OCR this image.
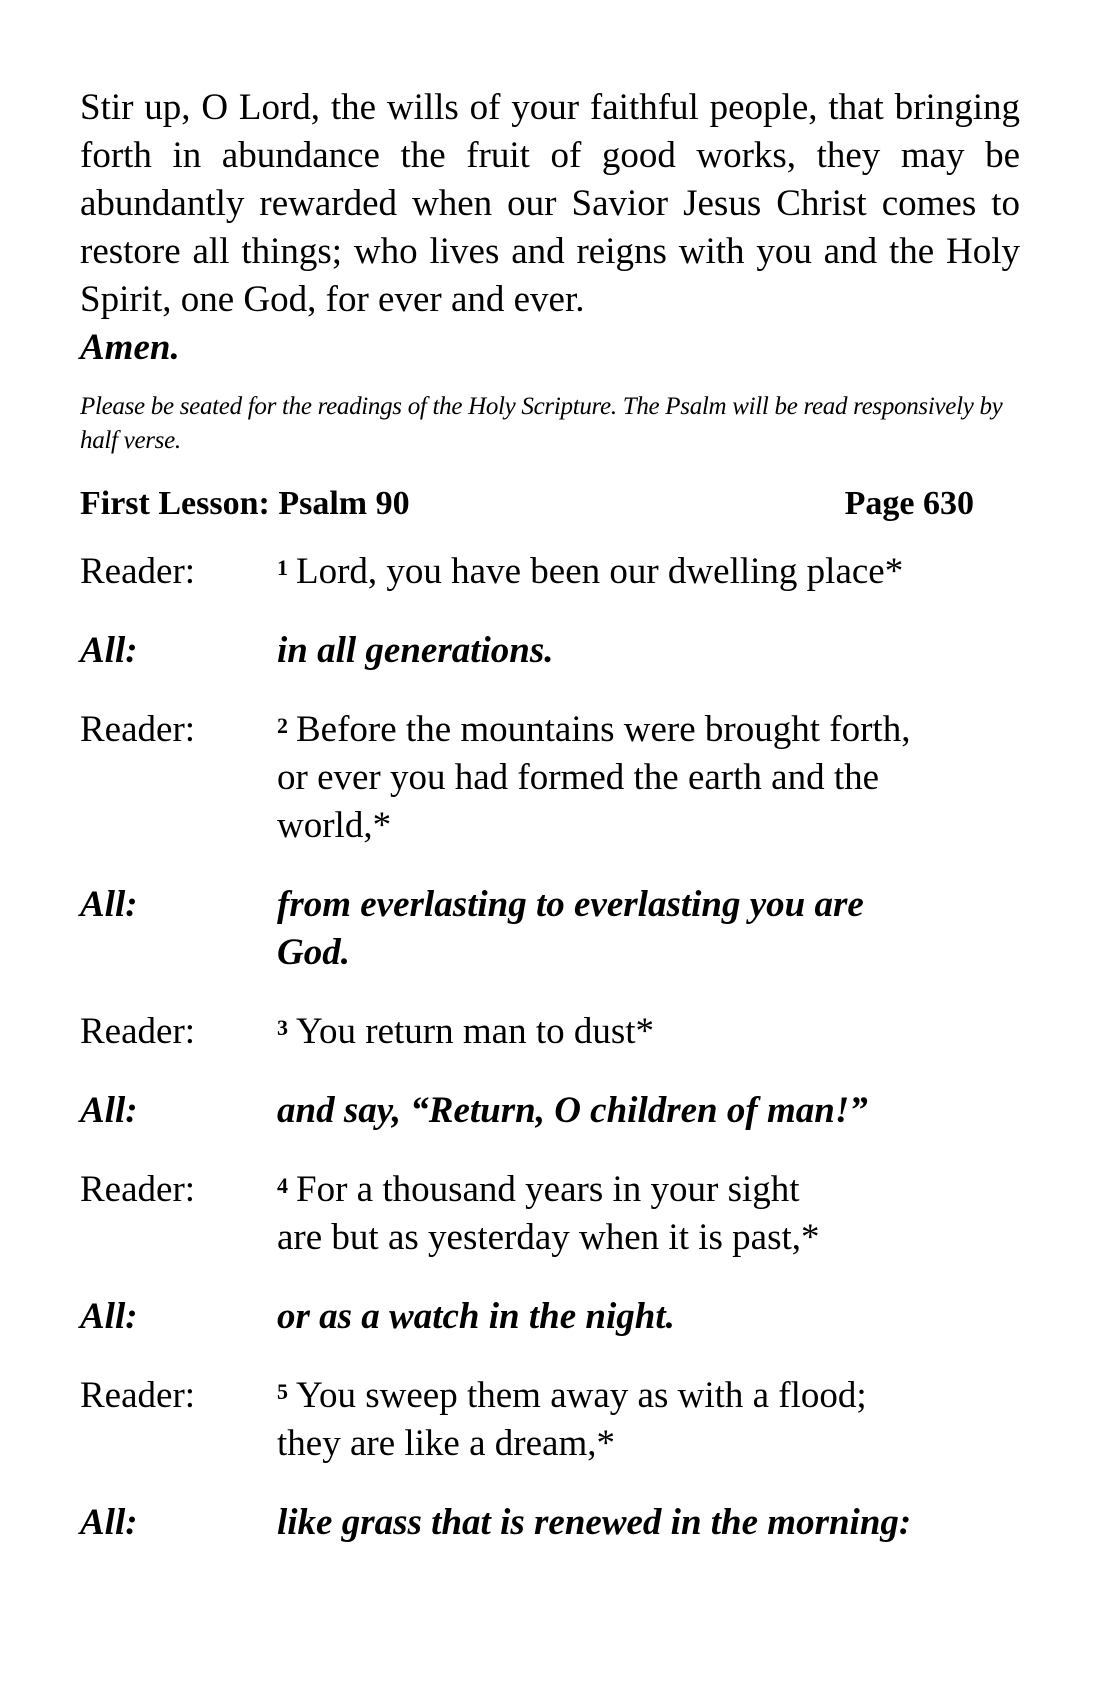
Stir up, O Lord, the wills of your faithful people, that bringing forth in abundance the fruit of good works, they may be abundantly rewarded when our Savior Jesus Christ comes to restore all things; who lives and reigns with you and the Holy Spirit, one God, for ever and ever.

Amen.

Please be seated for the readings of the Holy Scripture. The Psalm will be read responsively by half verse.

First Lesson: Psalm 90	Page 630
Reader:	$^1$ Lord, you have been our dwelling place*
All:	in all generations.
Reader:	$^2$ Before the mountains were brought forth,
or ever you had formed the earth and the
world,*
All:	from everlasting to everlasting you are
God.
Reader:	$^3$ You return man to dust*
All:	and say, “Return, O children of man!”
Reader:	$^4$ For a thousand years in your sight
are but as yesterday when it is past,*
All:	or as a watch in the night.
Reader:	$^5$ You sweep them away as with a flood;
they are like a dream,*
All:	like grass that is renewed in the morning:
